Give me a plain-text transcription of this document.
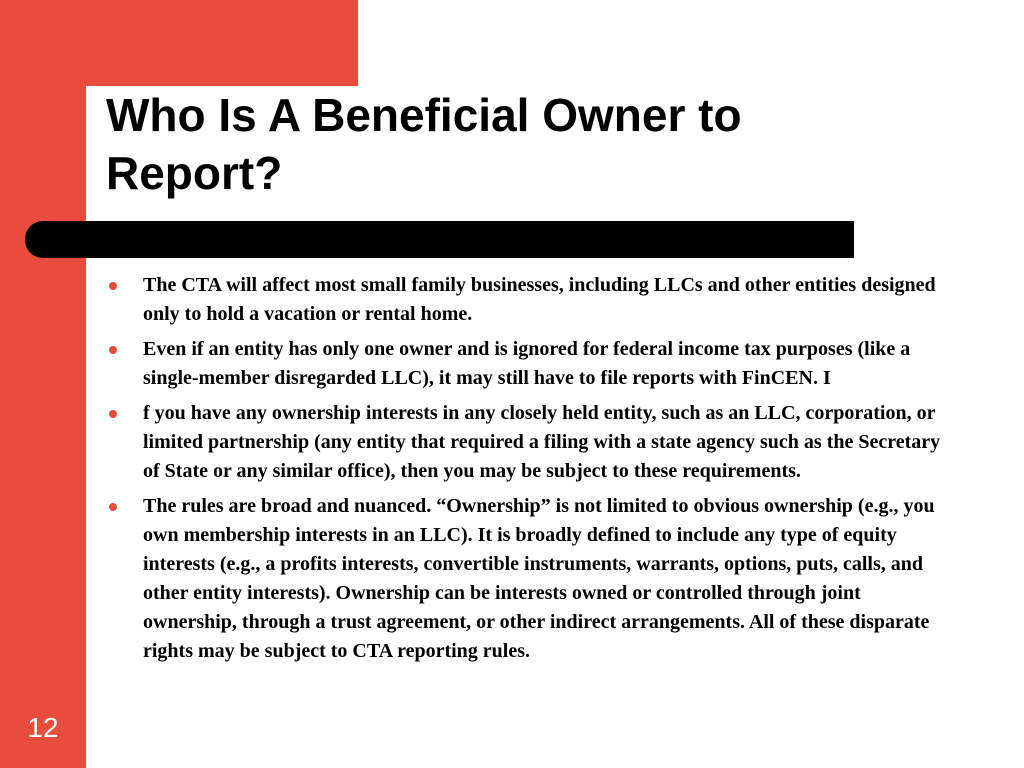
Who Is A Beneficial Owner to Report?
The CTA will affect most small family businesses, including LLCs and other entities designed only to hold a vacation or rental home.
Even if an entity has only one owner and is ignored for federal income tax purposes (like a single-member disregarded LLC), it may still have to file reports with FinCEN. I
f you have any ownership interests in any closely held entity, such as an LLC, corporation, or limited partnership (any entity that required a filing with a state agency such as the Secretary of State or any similar office), then you may be subject to these requirements.
The rules are broad and nuanced. “Ownership” is not limited to obvious ownership (e.g., you own membership interests in an LLC). It is broadly defined to include any type of equity interests (e.g., a profits interests, convertible instruments, warrants, options, puts, calls, and other entity interests). Ownership can be interests owned or controlled through joint ownership, through a trust agreement, or other indirect arrangements. All of these disparate rights may be subject to CTA reporting rules.
12
